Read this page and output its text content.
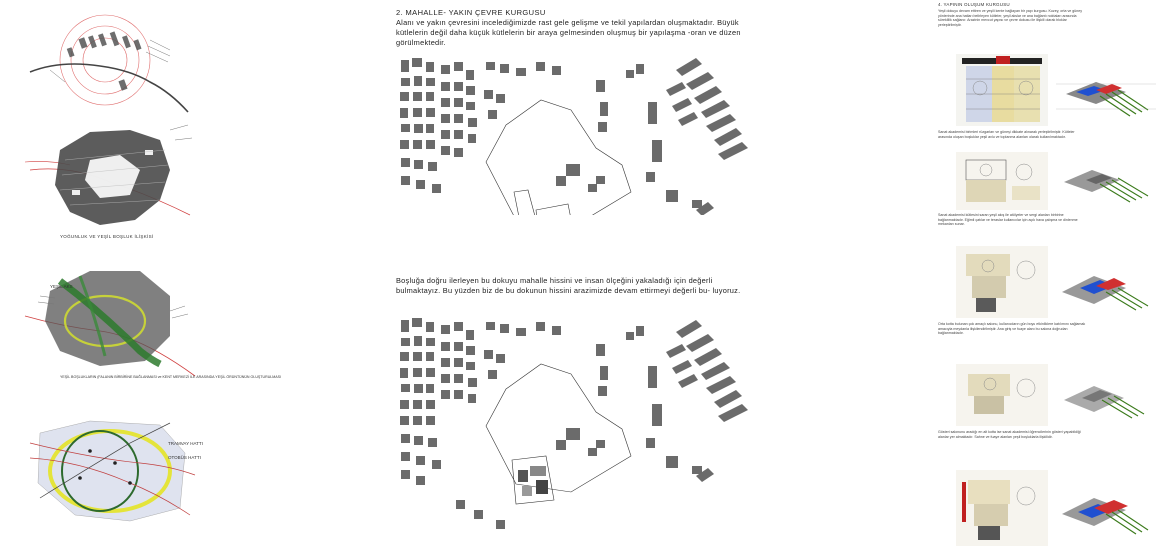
YOĞUNLUK VE YEŞİL BOŞLUK İLİŞKİSİ
YEŞİL AKS
YEŞİL BOŞLUKLARIN (FALANIN BİRBİRİNE BAĞLANMASI ve KENT MERKEZİ İLE ARASINDA YEŞİL ÖRÜNTÜNÜN OLUŞTURULMASI
TRAMVAY HATTI
OTOBÜS HATTI
2. MAHALLE- YAKIN ÇEVRE KURGUSU
Alanı ve yakın çevresini incelediğimizde rast gele gelişme ve tekil yapılardan oluşmaktadır. Büyük kütlelerin değil daha küçük kütlelerin bir araya gelmesinden oluşmuş bir yapılaşma -oran ve düzen görülmektedir.
Boşluğa doğru ilerleyen bu dokuyu mahalle hissini ve insan ölçeğini yakaladığı için değerli bulmaktayız. Bu yüzden biz de bu dokunun hissini arazimizde devam ettirmeyi değerli bu- luyoruz.
4. YAPININ OLUŞUM KURGUSU
Yeşil dokuyu devam ettiren ve yeşili kente bağlayan bir yapı kurgusu. Kuzey, orta ve güney yönlerinde ana hatları belirleyen kütleler, yeşil akslar ve ana bağlantı noktaları arasında süreklilik sağlanır. Arazinin mevcut yapısı ve çevre dokusu ile ilişkili olarak bloklar yerleştirilmiştir.
Sanat akademisi birimleri rüzgarları ve güneşi dikkate alınarak yerleştirilmiştir. Kütleler arasında oluşan boşluklar yeşil avlu ve toplanma alanları olarak kullanılmaktadır.
Sanat akademisi kütlesini saran yeşil akış ile atölyeler ve sergi alanları birbirine bağlanmaktadır. Eğimli çatılar ve teraslar kullanıcılar için açık hava çalışma ve dinlenme mekanları sunar.
Orta kotta bulunan çok amaçlı salonu, kullanıcıların gün boyu etkinliklere katılımını sağlamak amacıyla meydanla ilişkilendirilmiştir. Ana giriş ve fuaye alanı bu salona doğrudan bağlanmaktadır.
Gösteri salonunu aradığı en alt kotta ise sanat akademisi öğrencilerinin gösteri yapabildiği alanlar yer almaktadır. Sahne ve fuaye alanları yeşil boşluklarla ilişkilidir.
